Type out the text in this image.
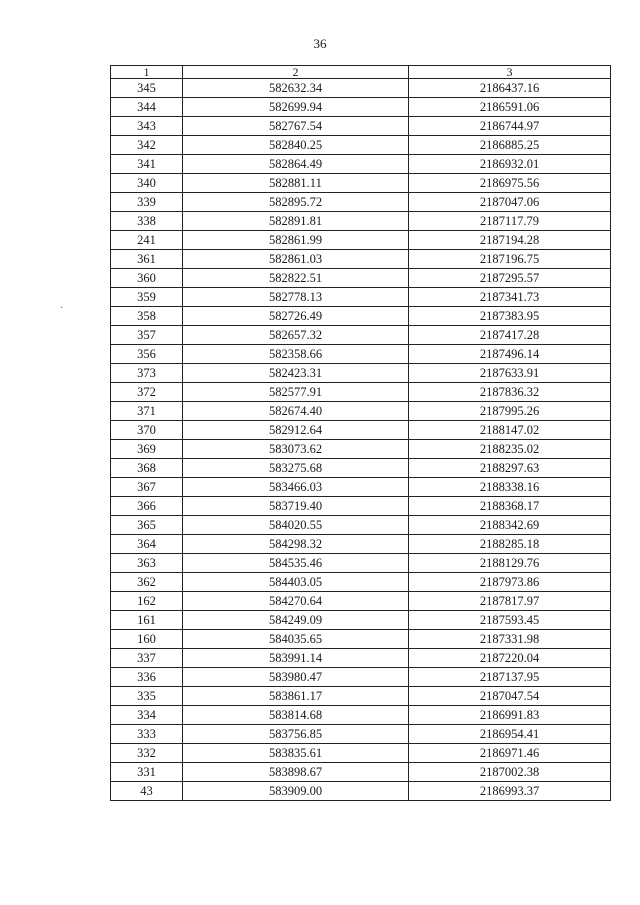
36
·
1	2	3
345	582632.34	2186437.16
344	582699.94	2186591.06
343	582767.54	2186744.97
342	582840.25	2186885.25
341	582864.49	2186932.01
340	582881.11	2186975.56
339	582895.72	2187047.06
338	582891.81	2187117.79
241	582861.99	2187194.28
361	582861.03	2187196.75
360	582822.51	2187295.57
359	582778.13	2187341.73
358	582726.49	2187383.95
357	582657.32	2187417.28
356	582358.66	2187496.14
373	582423.31	2187633.91
372	582577.91	2187836.32
371	582674.40	2187995.26
370	582912.64	2188147.02
369	583073.62	2188235.02
368	583275.68	2188297.63
367	583466.03	2188338.16
366	583719.40	2188368.17
365	584020.55	2188342.69
364	584298.32	2188285.18
363	584535.46	2188129.76
362	584403.05	2187973.86
162	584270.64	2187817.97
161	584249.09	2187593.45
160	584035.65	2187331.98
337	583991.14	2187220.04
336	583980.47	2187137.95
335	583861.17	2187047.54
334	583814.68	2186991.83
333	583756.85	2186954.41
332	583835.61	2186971.46
331	583898.67	2187002.38
43	583909.00	2186993.37
